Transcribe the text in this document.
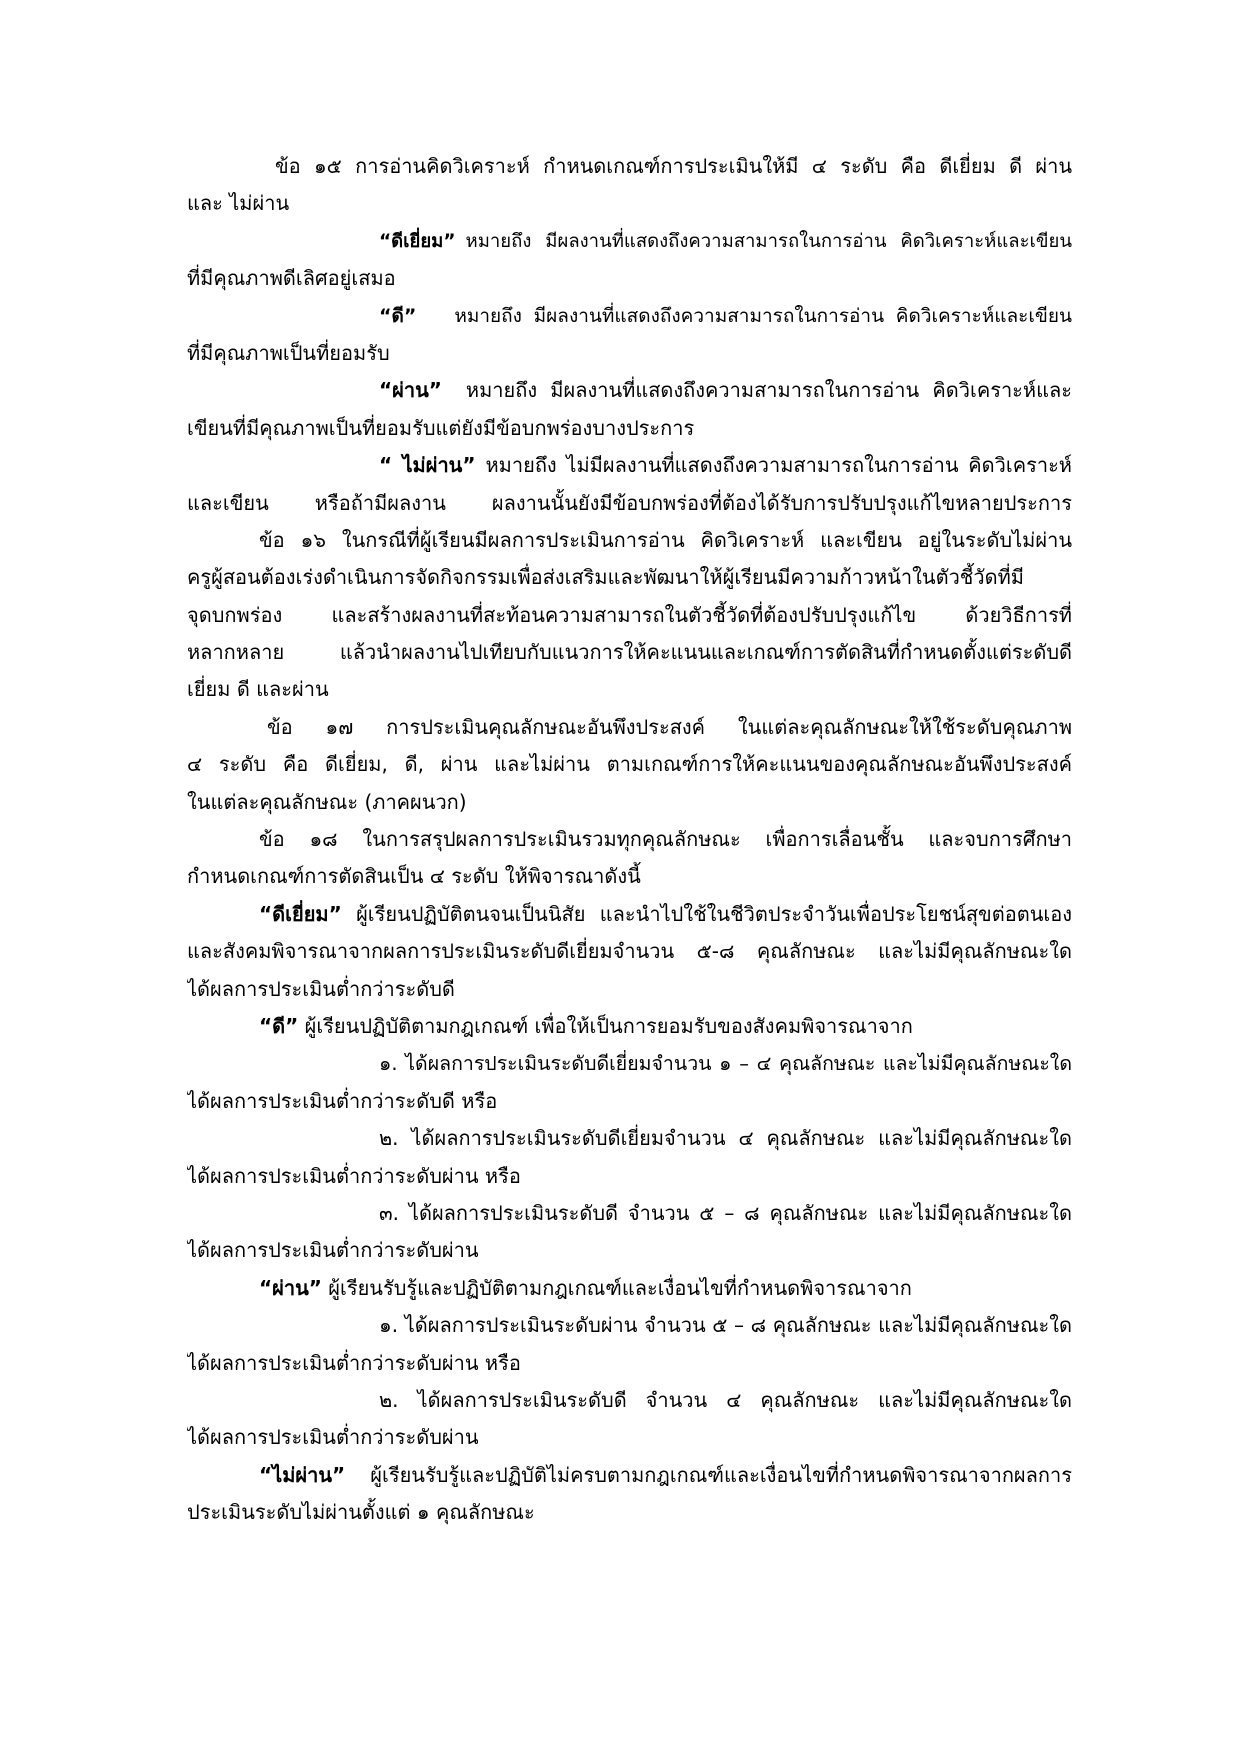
ข้อ ๑๕ การอ่านคิดวิเคราะห์ กำหนดเกณฑ์การประเมินให้มี ๔ ระดับ คือ ดีเยี่ยม ดี ผ่าน
และ ไม่ผ่าน
“ดีเยี่ยม” หมายถึง มีผลงานที่แสดงถึงความสามารถในการอ่าน คิดวิเคราะห์และเขียน
ที่มีคุณภาพดีเลิศอยู่เสมอ
“ดี” หมายถึง มีผลงานที่แสดงถึงความสามารถในการอ่าน คิดวิเคราะห์และเขียน
ที่มีคุณภาพเป็นที่ยอมรับ
“ผ่าน” หมายถึง มีผลงานที่แสดงถึงความสามารถในการอ่าน คิดวิเคราะห์และ
เขียนที่มีคุณภาพเป็นที่ยอมรับแต่ยังมีข้อบกพร่องบางประการ
“ ไม่ผ่าน” หมายถึง ไม่มีผลงานที่แสดงถึงความสามารถในการอ่าน คิดวิเคราะห์
และเขียน หรือถ้ามีผลงาน ผลงานนั้นยังมีข้อบกพร่องที่ต้องได้รับการปรับปรุงแก้ไขหลายประการ
ข้อ ๑๖ ในกรณีที่ผู้เรียนมีผลการประเมินการอ่าน คิดวิเคราะห์ และเขียน อยู่ในระดับไม่ผ่าน
ครูผู้สอนต้องเร่งดำเนินการจัดกิจกรรมเพื่อส่งเสริมและพัฒนาให้ผู้เรียนมีความก้าวหน้าในตัวชี้วัดที่มี
จุดบกพร่อง และสร้างผลงานที่สะท้อนความสามารถในตัวชี้วัดที่ต้องปรับปรุงแก้ไข ด้วยวิธีการที่
หลากหลาย แล้วนำผลงานไปเทียบกับแนวการให้คะแนนและเกณฑ์การตัดสินที่กำหนดตั้งแต่ระดับดี
เยี่ยม ดี และผ่าน
ข้อ ๑๗ การประเมินคุณลักษณะอันพึงประสงค์ ในแต่ละคุณลักษณะให้ใช้ระดับคุณภาพ
๔ ระดับ คือ ดีเยี่ยม, ดี, ผ่าน และไม่ผ่าน ตามเกณฑ์การให้คะแนนของคุณลักษณะอันพึงประสงค์
ในแต่ละคุณลักษณะ (ภาคผนวก)
ข้อ ๑๘ ในการสรุปผลการประเมินรวมทุกคุณลักษณะ เพื่อการเลื่อนชั้น และจบการศึกษา
กำหนดเกณฑ์การตัดสินเป็น ๔ ระดับ ให้พิจารณาดังนี้
“ดีเยี่ยม” ผู้เรียนปฏิบัติตนจนเป็นนิสัย และนำไปใช้ในชีวิตประจำวันเพื่อประโยชน์สุขต่อตนเอง
และสังคมพิจารณาจากผลการประเมินระดับดีเยี่ยมจำนวน ๕-๘ คุณลักษณะ และไม่มีคุณลักษณะใด
ได้ผลการประเมินต่ำกว่าระดับดี
“ดี” ผู้เรียนปฏิบัติตามกฎเกณฑ์ เพื่อให้เป็นการยอมรับของสังคมพิจารณาจาก
๑. ได้ผลการประเมินระดับดีเยี่ยมจำนวน ๑ – ๔ คุณลักษณะ และไม่มีคุณลักษณะใด
ได้ผลการประเมินต่ำกว่าระดับดี หรือ
๒. ได้ผลการประเมินระดับดีเยี่ยมจำนวน ๔ คุณลักษณะ และไม่มีคุณลักษณะใด
ได้ผลการประเมินต่ำกว่าระดับผ่าน หรือ
๓. ได้ผลการประเมินระดับดี จำนวน ๕ – ๘ คุณลักษณะ และไม่มีคุณลักษณะใด
ได้ผลการประเมินต่ำกว่าระดับผ่าน
“ผ่าน” ผู้เรียนรับรู้และปฏิบัติตามกฎเกณฑ์และเงื่อนไขที่กำหนดพิจารณาจาก
๑. ได้ผลการประเมินระดับผ่าน จำนวน ๕ – ๘ คุณลักษณะ และไม่มีคุณลักษณะใด
ได้ผลการประเมินต่ำกว่าระดับผ่าน หรือ
๒. ได้ผลการประเมินระดับดี จำนวน ๔ คุณลักษณะ และไม่มีคุณลักษณะใด
ได้ผลการประเมินต่ำกว่าระดับผ่าน
“ไม่ผ่าน” ผู้เรียนรับรู้และปฏิบัติไม่ครบตามกฎเกณฑ์และเงื่อนไขที่กำหนดพิจารณาจากผลการ
ประเมินระดับไม่ผ่านตั้งแต่ ๑ คุณลักษณะ
